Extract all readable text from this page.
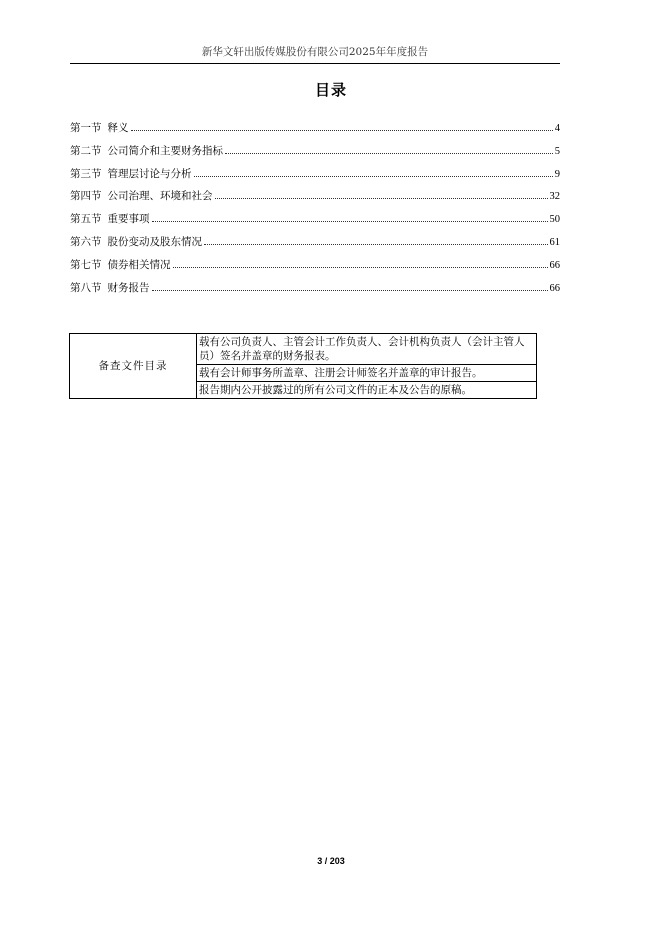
新华文轩出版传媒股份有限公司2025年年度报告
目录
第一节 释义	4
第二节 公司简介和主要财务指标	5
第三节 管理层讨论与分析	9
第四节 公司治理、环境和社会	32
第五节 重要事项	50
第六节 股份变动及股东情况	61
第七节 债券相关情况	66
第八节 财务报告	66
备查文件目录	载有公司负责人、主管会计工作负责人、会计机构负责人（会计主管人员）签名并盖章的财务报表。
载有会计师事务所盖章、注册会计师签名并盖章的审计报告。
报告期内公开披露过的所有公司文件的正本及公告的原稿。
3 / 203
